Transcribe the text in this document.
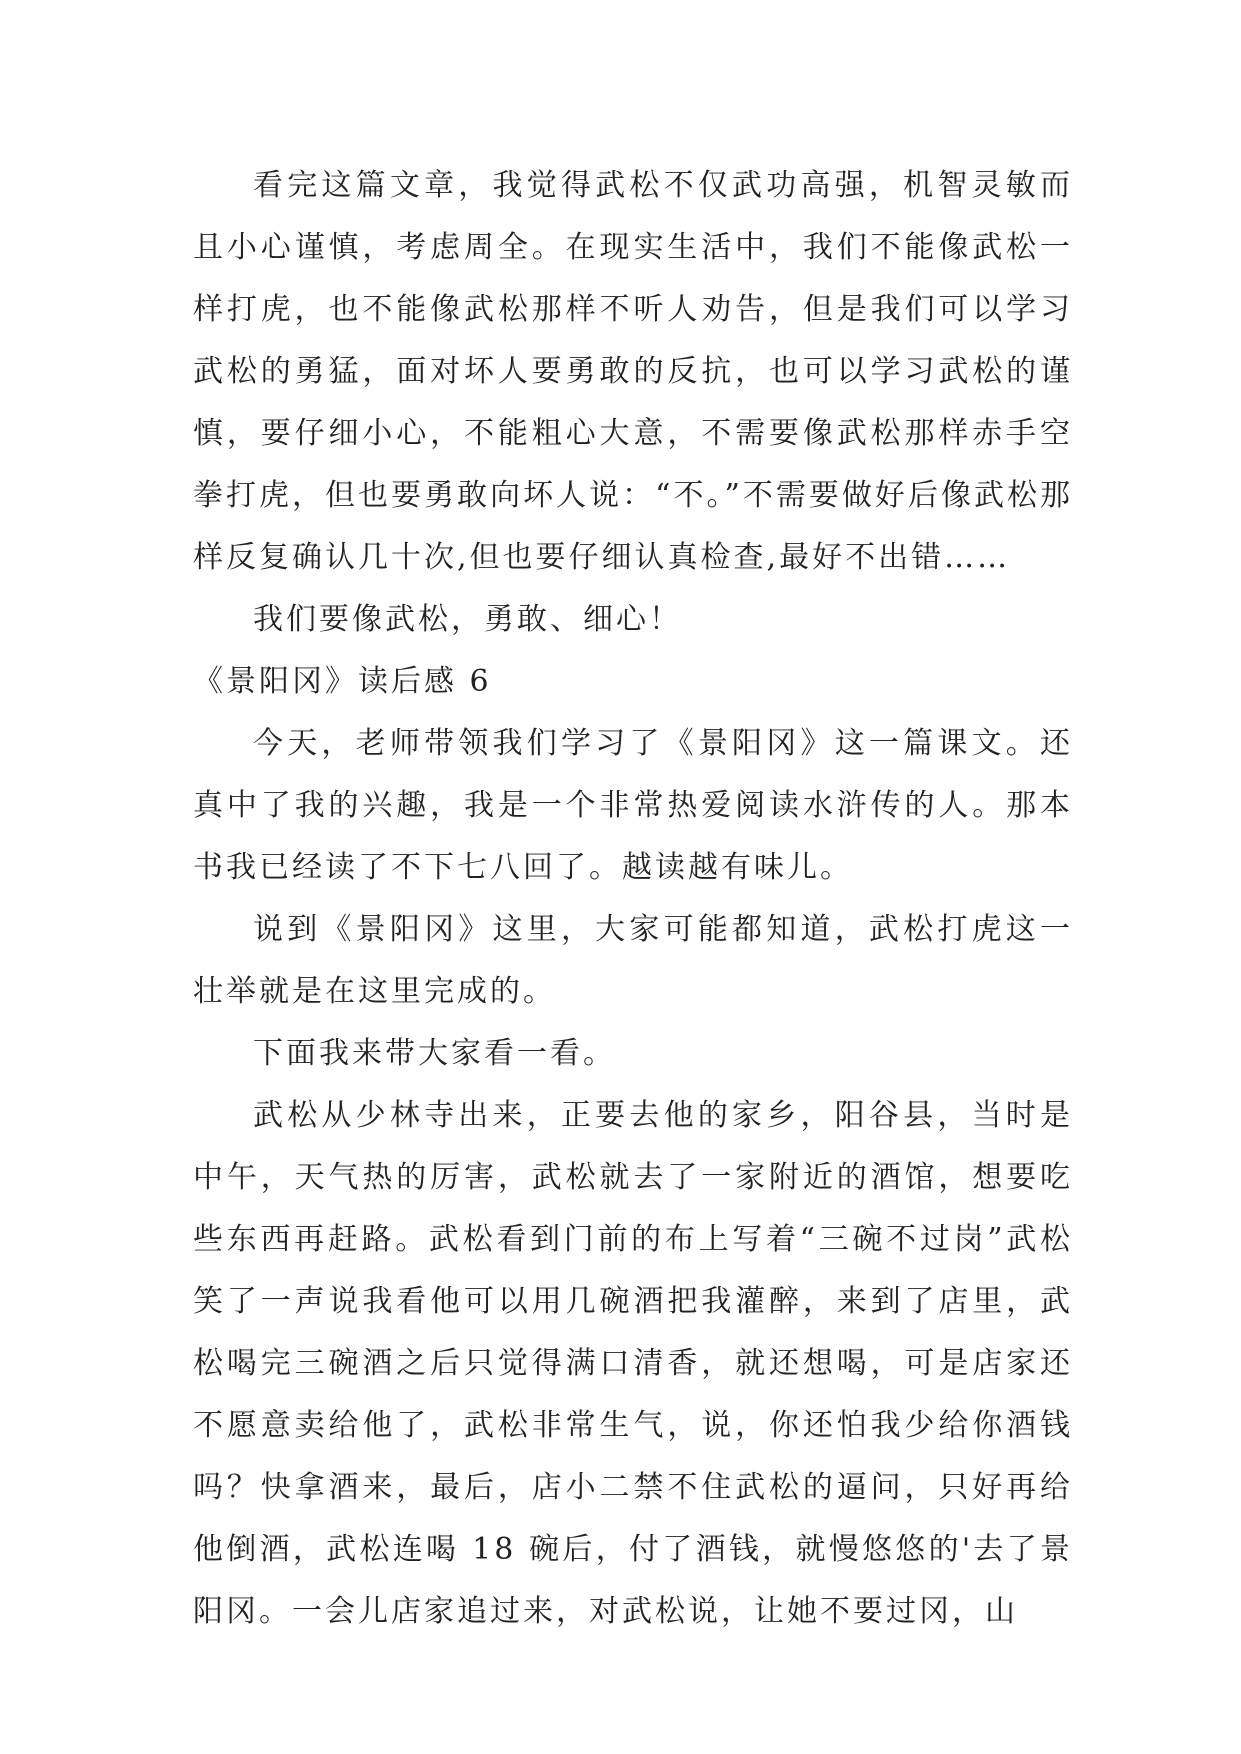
看完这篇文章，我觉得武松不仅武功高强，机智灵敏而且小心谨慎，考虑周全。在现实生活中，我们不能像武松一样打虎，也不能像武松那样不听人劝告，但是我们可以学习武松的勇猛，面对坏人要勇敢的反抗，也可以学习武松的谨慎，要仔细小心，不能粗心大意，不需要像武松那样赤手空拳打虎，但也要勇敢向坏人说：“不。”不需要做好后像武松那样反复确认几十次,但也要仔细认真检查,最好不出错……

我们要像武松，勇敢、细心！

《景阳冈》读后感 6

今天，老师带领我们学习了《景阳冈》这一篇课文。还真中了我的兴趣，我是一个非常热爱阅读水浒传的人。那本书我已经读了不下七八回了。越读越有味儿。

说到《景阳冈》这里，大家可能都知道，武松打虎这一壮举就是在这里完成的。

下面我来带大家看一看。

武松从少林寺出来，正要去他的家乡，阳谷县，当时是中午，天气热的厉害，武松就去了一家附近的酒馆，想要吃些东西再赶路。武松看到门前的布上写着“三碗不过岗”武松笑了一声说我看他可以用几碗酒把我灌醉，来到了店里，武松喝完三碗酒之后只觉得满口清香，就还想喝，可是店家还不愿意卖给他了，武松非常生气，说，你还怕我少给你酒钱吗？快拿酒来，最后，店小二禁不住武松的逼问，只好再给他倒酒，武松连喝 18 碗后，付了酒钱，就慢悠悠的'去了景阳冈。一会儿店家追过来，对武松说，让她不要过冈，山
